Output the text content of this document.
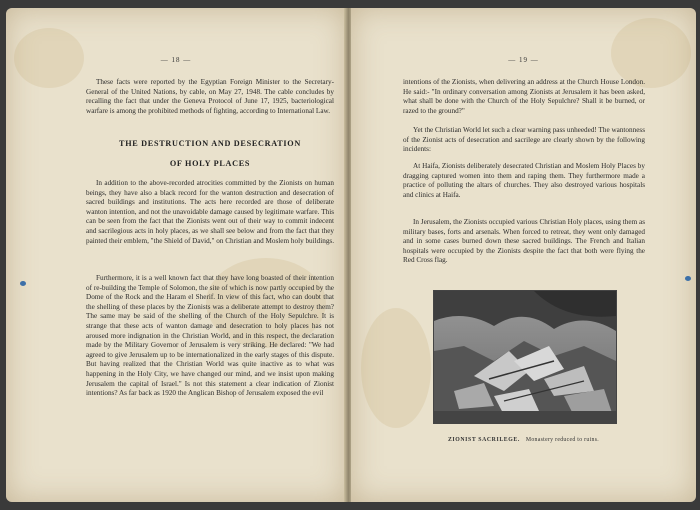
— 18 —

These facts were reported by the Egyptian Foreign Minister to the Secretary-General of the United Nations, by cable, on May 27, 1948. The cable concludes by recalling the fact that under the Geneva Protocol of June 17, 1925, bacteriological warfare is among the prohibited methods of fighting, according to International Law.

THE DESTRUCTION AND DESECRATION

OF HOLY PLACES

In addition to the above-recorded atrocities committed by the Zionists on human beings, they have also a black record for the wanton destruction and desecration of sacred buildings and institutions. The acts here recorded are those of deliberate wanton intention, and not the unavoidable damage caused by legitimate warfare. This can be seen from the fact that the Zionists went out of their way to commit indecent and sacrilegious acts in holy places, as we shall see below and from the fact that they painted their emblem, "the Shield of David," on Christian and Moslem holy buildings.

Furthermore, it is a well known fact that they have long boasted of their intention of re-building the Temple of Solomon, the site of which is now partly occupied by the Dome of the Rock and the Haram el Sherif. In view of this fact, who can doubt that the shelling of these places by the Zionists was a deliberate attempt to destroy them? The same may be said of the shelling of the Church of the Holy Sepulchre. It is strange that these acts of wanton damage and desecration to holy places has not aroused more indignation in the Christian World, and in this respect, the declaration made by the Military Governor of Jerusalem is very striking. He declared: "We had agreed to give Jerusalem up to be internationalized in the early stages of this dispute. But having realized that the Christian World was quite inactive as to what was happening in the Holy City, we have changed our mind, and we insist upon making Jerusalem the capital of Israel." Is not this statement a clear indication of Zionist intentions? As far back as 1920 the Anglican Bishop of Jerusalem exposed the evil

— 19 —

intentions of the Zionists, when delivering an address at the Church House London. He said:- "In ordinary conversation among Zionists at Jerusalem it has been asked, what shall be done with the Church of the Holy Sepulchre? Shall it be burned, or razed to the ground?"

Yet the Christian World let such a clear warning pass unheeded! The wantonness of the Zionist acts of desecration and sacrilege are clearly shown by the following incidents:

At Haifa, Zionists deliberately desecrated Christian and Moslem Holy Places by dragging captured women into them and raping them. They furthermore made a practice of polluting the altars of churches. They also destroyed various hospitals and clinics at Haifa.

In Jerusalem, the Zionists occupied various Christian Holy places, using them as military bases, forts and arsenals. When forced to retreat, they went only damaged and in some cases burned down these sacred buildings. The French and Italian hospitals were occupied by the Zionists despite the fact that both were flying the Red Cross flag.

ZIONIST SACRILEGE. Monastery reduced to ruins.
